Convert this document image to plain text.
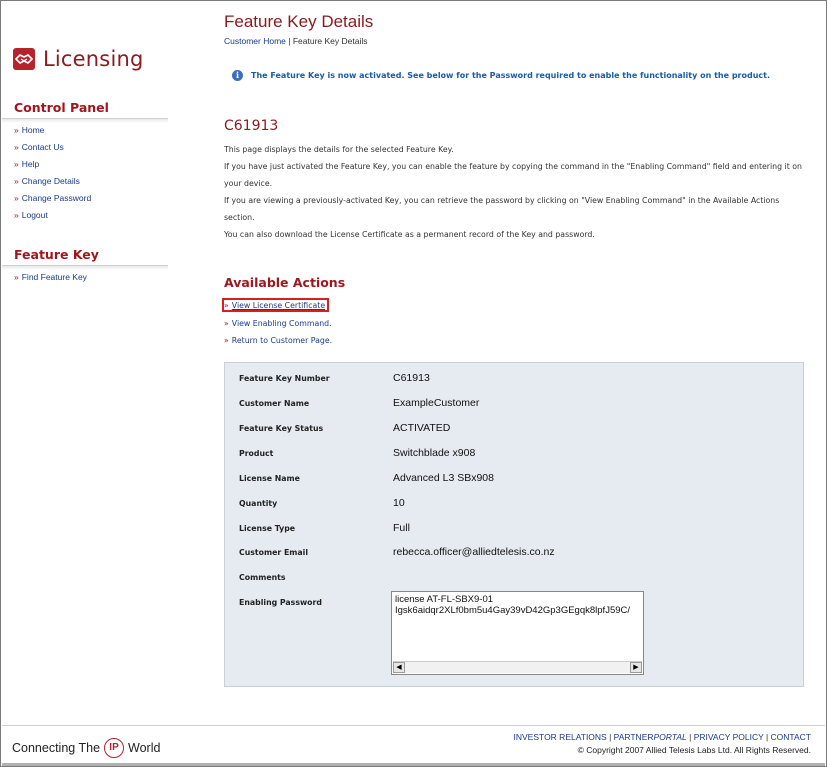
Licensing
Control Panel
» Home
» Contact Us
» Help
» Change Details
» Change Password
» Logout
Feature Key
» Find Feature Key
Feature Key Details
Customer Home | Feature Key Details
i	The Feature Key is now activated. See below for the Password required to enable the functionality on the product.
C61913
This page displays the details for the selected Feature Key.
If you have just activated the Feature Key, you can enable the feature by copying the command in the "Enabling Command" field and entering it on your device.
If you are viewing a previously-activated Key, you can retrieve the password by clicking on "View Enabling Command" in the Available Actions section.
You can also download the License Certificate as a permanent record of the Key and password.
Available Actions
» View License Certificate
» View Enabling Command.
» Return to Customer Page.
Feature Key Number	C61913
Customer Name	ExampleCustomer
Feature Key Status	ACTIVATED
Product	Switchblade x908
License Name	Advanced L3 SBx908
Quantity	10
License Type	Full
Customer Email	rebecca.officer@alliedtelesis.co.nz
Comments
Enabling Password	license AT-FL-SBX9-01
Igsk6aidqr2XLf0bm5u4Gay39vD42Gp3GEgqk8lpfJ59C/
◀	▶
Connecting The IP World
INVESTOR RELATIONS | PARTNERPORTAL | PRIVACY POLICY | CONTACT
© Copyright 2007 Allied Telesis Labs Ltd. All Rights Reserved.
